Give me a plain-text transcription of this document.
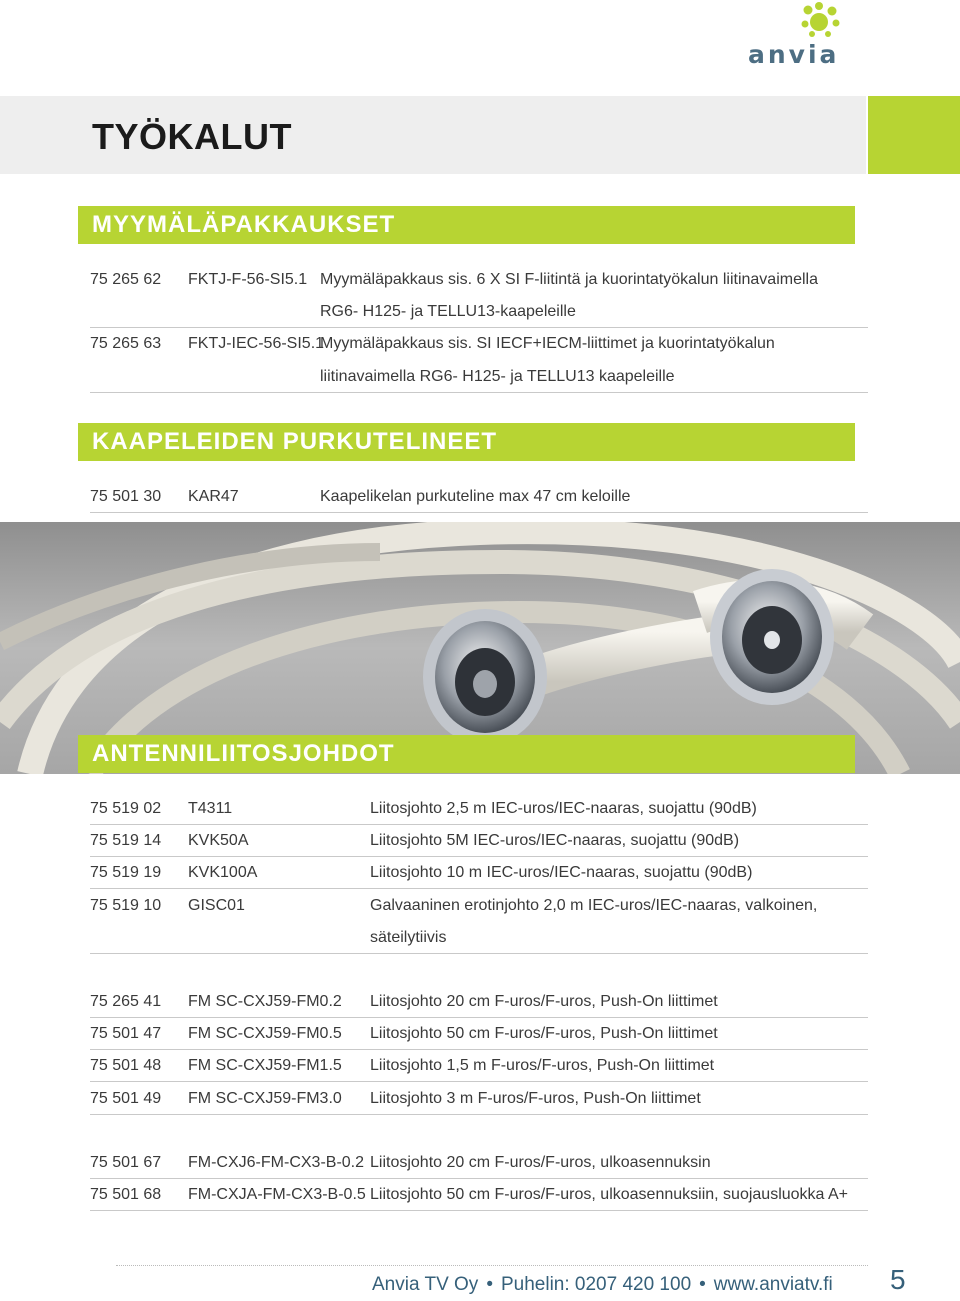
anvia
TYÖKALUT
MYYMÄLÄPAKKAUKSET
75 265 62 FKTJ-F-56-SI5.1 Myymäläpakkaus sis. 6 X SI F-liitintä ja kuorintatyökalun liitinavaimella
RG6- H125- ja TELLU13-kaapeleille
75 265 63 FKTJ-IEC-56-SI5.1
Myymäläpakkaus sis. SI IECF+IECM-liittimet ja kuorintatyökalun
liitinavaimella RG6- H125- ja TELLU13 kaapeleille
KAAPELEIDEN PURKUTELINEET
75 501 30 KAR47	Kaapelikelan purkuteline max 47 cm keloille
ANTENNILIITOSJOHDOT
75 519 02 T4311	Liitosjohto 2,5 m IEC-uros/IEC-naaras, suojattu (90dB)
75 519 14 KVK50A	Liitosjohto 5M IEC-uros/IEC-naaras, suojattu (90dB)
75 519 19 KVK100A	Liitosjohto 10 m IEC-uros/IEC-naaras, suojattu (90dB)
75 519 10 GISC01	Galvaaninen erotinjohto 2,0 m IEC-uros/IEC-naaras, valkoinen,
säteilytiivis
75 265 41 FM SC-CXJ59-FM0.2 Liitosjohto 20 cm F-uros/F-uros, Push-On liittimet
75 501 47 FM SC-CXJ59-FM0.5 Liitosjohto 50 cm F-uros/F-uros, Push-On liittimet
75 501 48 FM SC-CXJ59-FM1.5 Liitosjohto 1,5 m F-uros/F-uros, Push-On liittimet
75 501 49 FM SC-CXJ59-FM3.0 Liitosjohto 3 m F-uros/F-uros, Push-On liittimet
75 501 67 FM-CXJ6-FM-CX3-B-0.2 Liitosjohto 20 cm F-uros/F-uros, ulkoasennuksin
75 501 68 FM-CXJA-FM-CX3-B-0.5 Liitosjohto 50 cm F-uros/F-uros, ulkoasennuksiin, suojausluokka A+
Anvia TV Oy • Puhelin: 0207 420 100 • www.anviatv.fi 5
